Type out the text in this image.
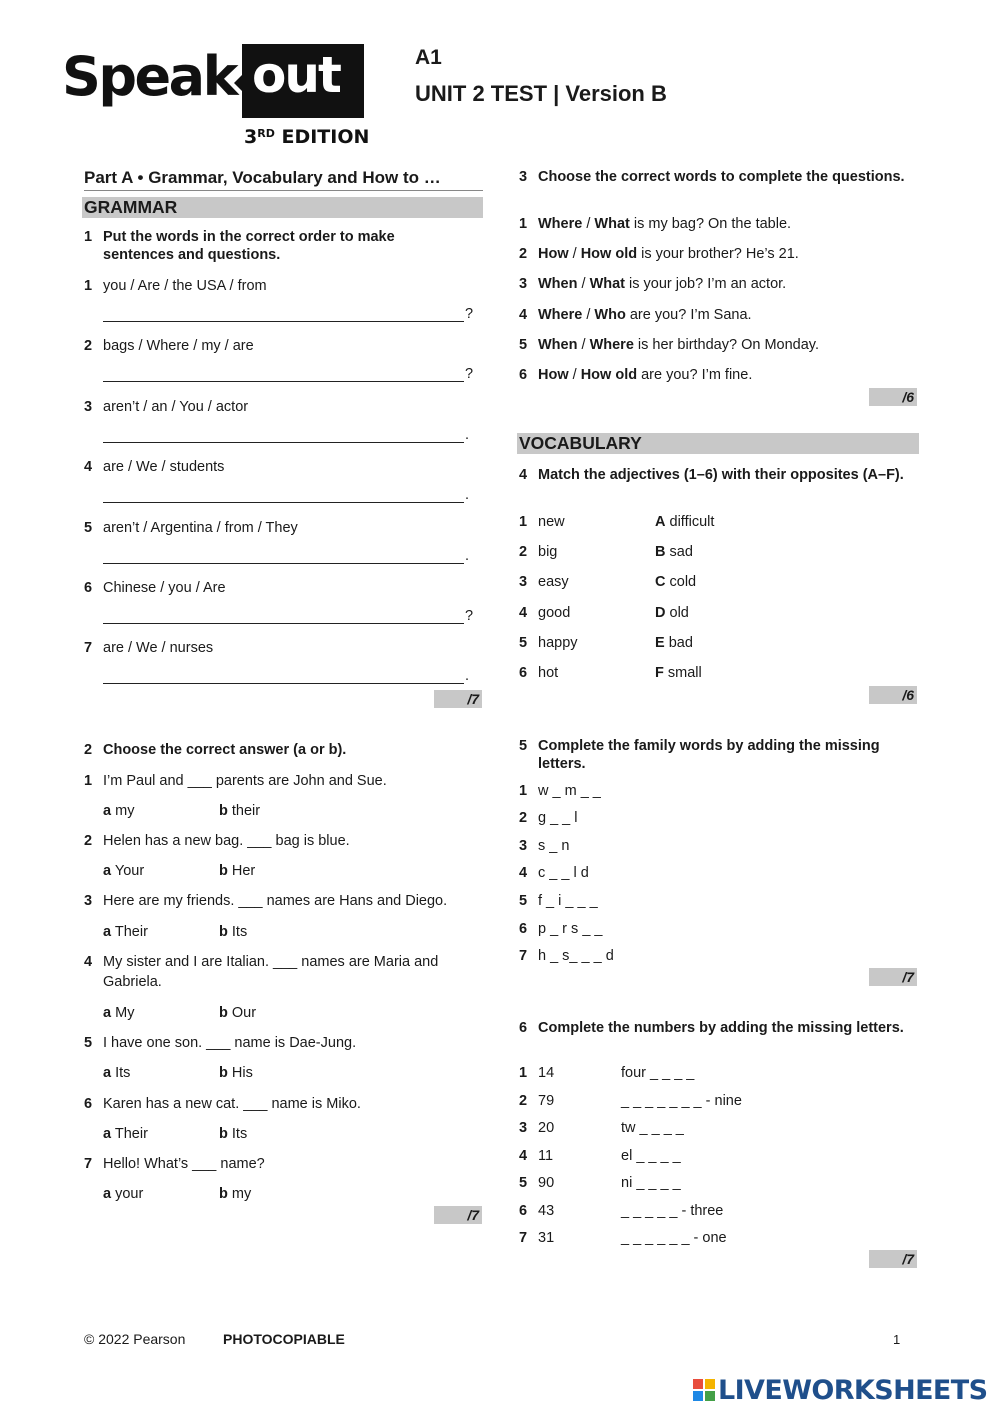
Speak out
3RD EDITION
A1
UNIT 2 TEST | Version B
Part A • Grammar, Vocabulary and How to …
GRAMMAR
1 Put the words in the correct order to make sentences and questions.
1 you / Are / the USA / from
?
2 bags / Where / my / are
?
3 aren’t / an / You / actor
.
4 are / We / students
.
5 aren’t / Argentina / from / They
.
6 Chinese / you / Are
?
7 are / We / nurses
.
/7
2 Choose the correct answer (a or b).
1 I’m Paul and ___ parents are John and Sue.
a my	b their
2 Helen has a new bag. ___ bag is blue.
a Your	b Her
3 Here are my friends. ___ names are Hans and Diego.
a Their	b Its
4 My sister and I are Italian. ___ names are Maria and Gabriela.
a My	b Our
5 I have one son. ___ name is Dae-Jung.
a Its	b His
6 Karen has a new cat. ___ name is Miko.
a Their	b Its
7 Hello! What’s ___ name?
a your	b my
/7
3 Choose the correct words to complete the questions.
1 Where / What is my bag? On the table.
2 How / How old is your brother? He’s 21.
3 When / What is your job? I’m an actor.
4 Where / Who are you? I’m Sana.
5 When / Where is her birthday? On Monday.
6 How / How old are you? I’m fine.
/6
VOCABULARY
4 Match the adjectives (1–6) with their opposites (A–F).
1 new	A difficult
2 big	B sad
3 easy	C cold
4 good	D old
5 happy	E bad
6 hot	F small
/6
5 Complete the family words by adding the missing letters.
1 w _ m _ _
2 g _ _ l
3 s _ n
4 c _ _ l d
5 f _ i _ _ _
6 p _ r s _ _
7 h _ s_ _ _ d
/7
6 Complete the numbers by adding the missing letters.
1 14	four _ _ _ _
2 79	_ _ _ _ _ _ _ - nine
3 20	tw _ _ _ _
4 11	el _ _ _ _
5 90	ni _ _ _ _
6 43	_ _ _ _ _ - three
7 31	_ _ _ _ _ _ - one
/7
© 2022 Pearson	PHOTOCOPIABLE	1
LIVEWORKSHEETS
